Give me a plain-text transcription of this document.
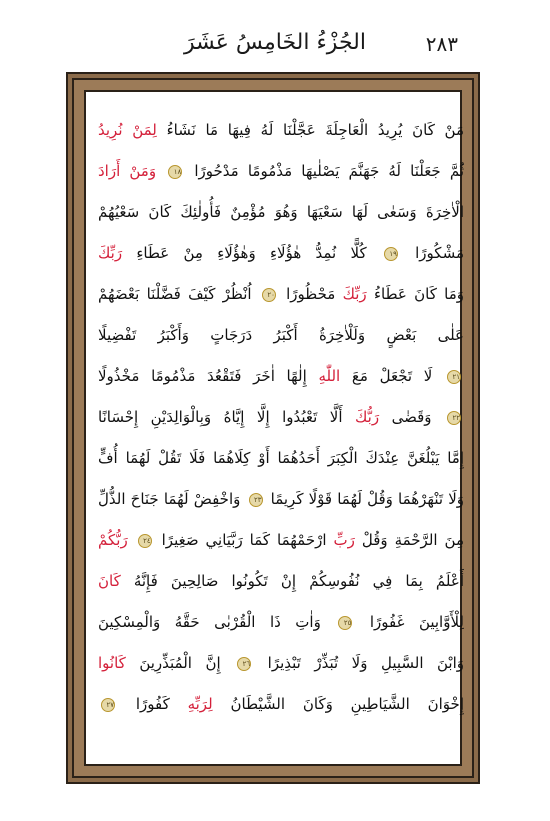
الجُزْءُ الخَامِسُ عَشَرَ	٢٨٣
مَنْ كَانَ يُرِيدُ الْعَاجِلَةَ عَجَّلْنَا لَهُ فِيهَا مَا نَشَاءُ لِمَنْ نُرِيدُ
ثُمَّ جَعَلْنَا لَهُ جَهَنَّمَ يَصْلٰيهَا مَذْمُومًا مَدْحُورًا ١٨ وَمَنْ أَرَادَ
الْاٰخِرَةَ وَسَعٰى لَهَا سَعْيَهَا وَهُوَ مُؤْمِنٌ فَأُولٰئِكَ كَانَ سَعْيُهُمْ
مَشْكُورًا ١٩ كُلًّا نُمِدُّ هٰؤُلَاءِ وَهٰؤُلَاءِ مِنْ عَطَاءِ رَبِّكَ
وَمَا كَانَ عَطَاءُ رَبِّكَ مَحْظُورًا ٢٠ اُنْظُرْ كَيْفَ فَضَّلْنَا بَعْضَهُمْ
عَلٰى بَعْضٍ وَلَلْاٰخِرَةُ أَكْبَرُ دَرَجَاتٍ وَأَكْبَرُ تَفْضِيلًا
٢١ لَا تَجْعَلْ مَعَ اللّٰهِ إِلٰهًا اٰخَرَ فَتَقْعُدَ مَذْمُومًا مَخْذُولًا
٢٢ وَقَضٰى رَبُّكَ أَلَّا تَعْبُدُوا إِلَّا إِيَّاهُ وَبِالْوَالِدَيْنِ إِحْسَانًا
إِمَّا يَبْلُغَنَّ عِنْدَكَ الْكِبَرَ أَحَدُهُمَا أَوْ كِلَاهُمَا فَلَا تَقُلْ لَهُمَا أُفٍّ
وَلَا تَنْهَرْهُمَا وَقُلْ لَهُمَا قَوْلًا كَرِيمًا ٢٣ وَاخْفِضْ لَهُمَا جَنَاحَ الذُّلِّ
مِنَ الرَّحْمَةِ وَقُلْ رَبِّ ارْحَمْهُمَا كَمَا رَبَّيَانِي صَغِيرًا ٢٤ رَبُّكُمْ
أَعْلَمُ بِمَا فِي نُفُوسِكُمْ إِنْ تَكُونُوا صَالِحِينَ فَإِنَّهُ كَانَ
لِلْأَوَّابِينَ غَفُورًا ٢٥ وَاٰتِ ذَا الْقُرْبٰى حَقَّهُ وَالْمِسْكِينَ
وَابْنَ السَّبِيلِ وَلَا تُبَذِّرْ تَبْذِيرًا ٢٦ إِنَّ الْمُبَذِّرِينَ كَانُوا
إِخْوَانَ الشَّيَاطِينِ وَكَانَ الشَّيْطَانُ لِرَبِّهِ كَفُورًا ٢٧
